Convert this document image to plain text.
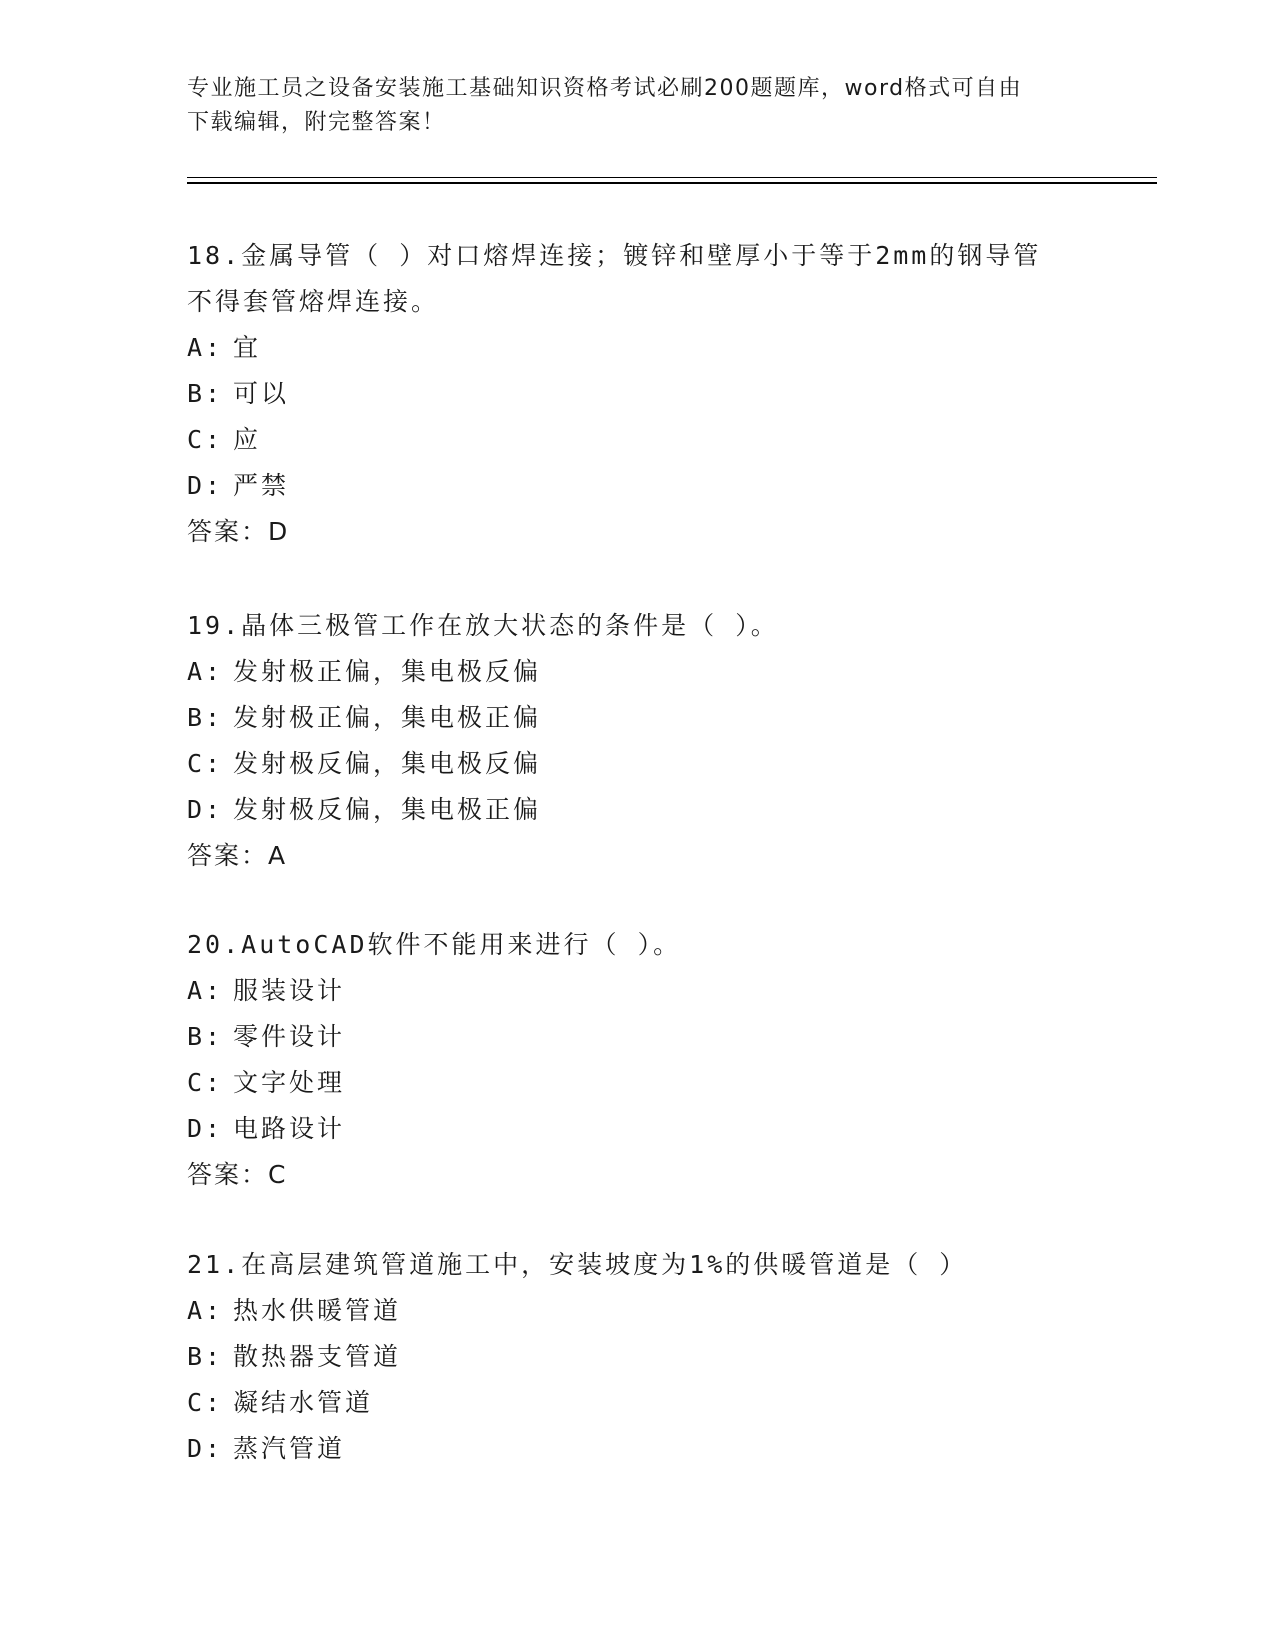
专业施工员之设备安装施工基础知识资格考试必刷200题题库，word格式可自由
下载编辑，附完整答案！
18.金属导管（ ）对口熔焊连接；镀锌和壁厚小于等于2mm的钢导管
不得套管熔焊连接。
A: 宜
B: 可以
C: 应
D: 严禁
答案：D
19.晶体三极管工作在放大状态的条件是（ ）。
A: 发射极正偏，集电极反偏
B: 发射极正偏，集电极正偏
C: 发射极反偏，集电极反偏
D: 发射极反偏，集电极正偏
答案：A
20.AutoCAD软件不能用来进行（ ）。
A: 服装设计
B: 零件设计
C: 文字处理
D: 电路设计
答案：C
21.在高层建筑管道施工中，安装坡度为1%的供暖管道是（ ）
A: 热水供暖管道
B: 散热器支管道
C: 凝结水管道
D: 蒸汽管道
